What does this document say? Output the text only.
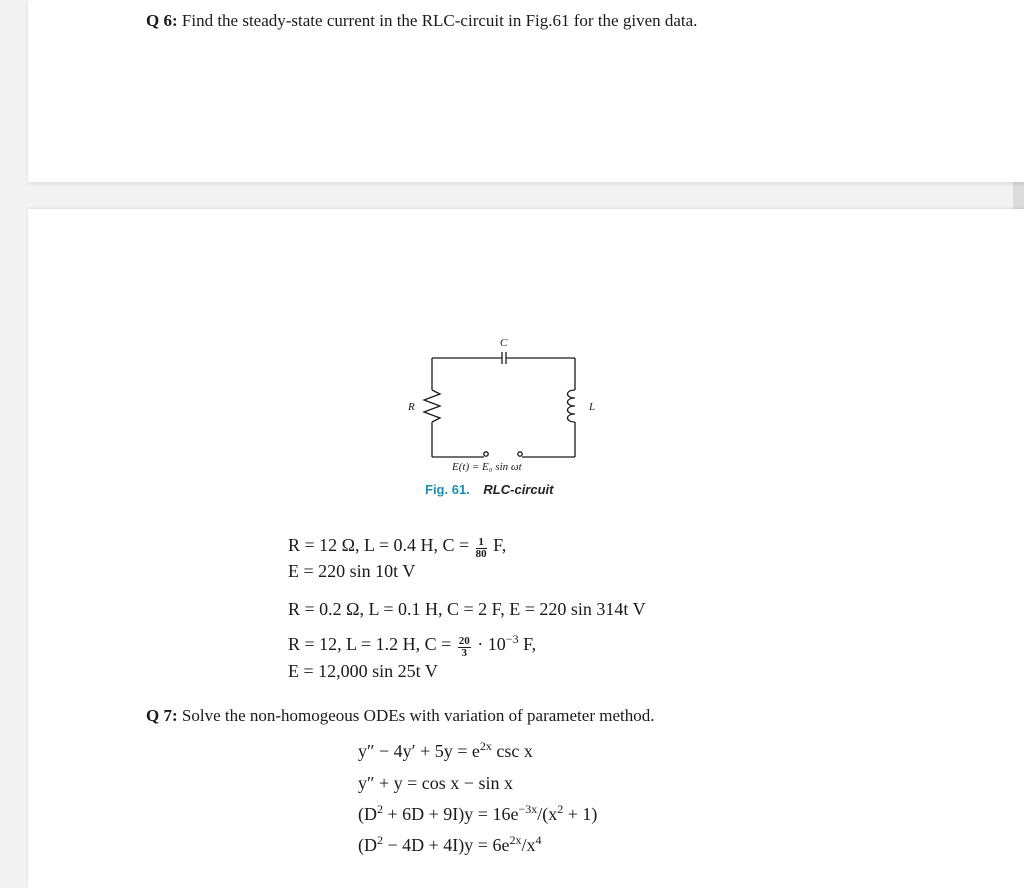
Q 6: Find the steady-state current in the RLC-circuit in Fig.61 for the given data.
C
R	L
E(t) = E₀ sin ωt
Fig. 61. RLC-circuit
R = 12 Ω, L = 0.4 H, $C = \frac{1}{80} F$,
E = 220 sin 10t V
R = 0.2 Ω, L = 0.1 H, C = 2 F, E = 220 sin 314t V
R = 12, L = 1.2 H, $C = \frac{20}{3} \cdot 10^{-3}$ F,
E = 12,000 sin 25t V
Q 7: Solve the non-homogeous ODEs with variation of parameter method.
$y'' - 4y' + 5y = e^{2x}$ csc x
y″ + y = cos x − sin x
$(D^2 + 6D + 9I)y = 16e^{-3x}/(x^2 + 1)$
$(D^2 - 4D + 4I)y = 6e^{2x}/x^4$
